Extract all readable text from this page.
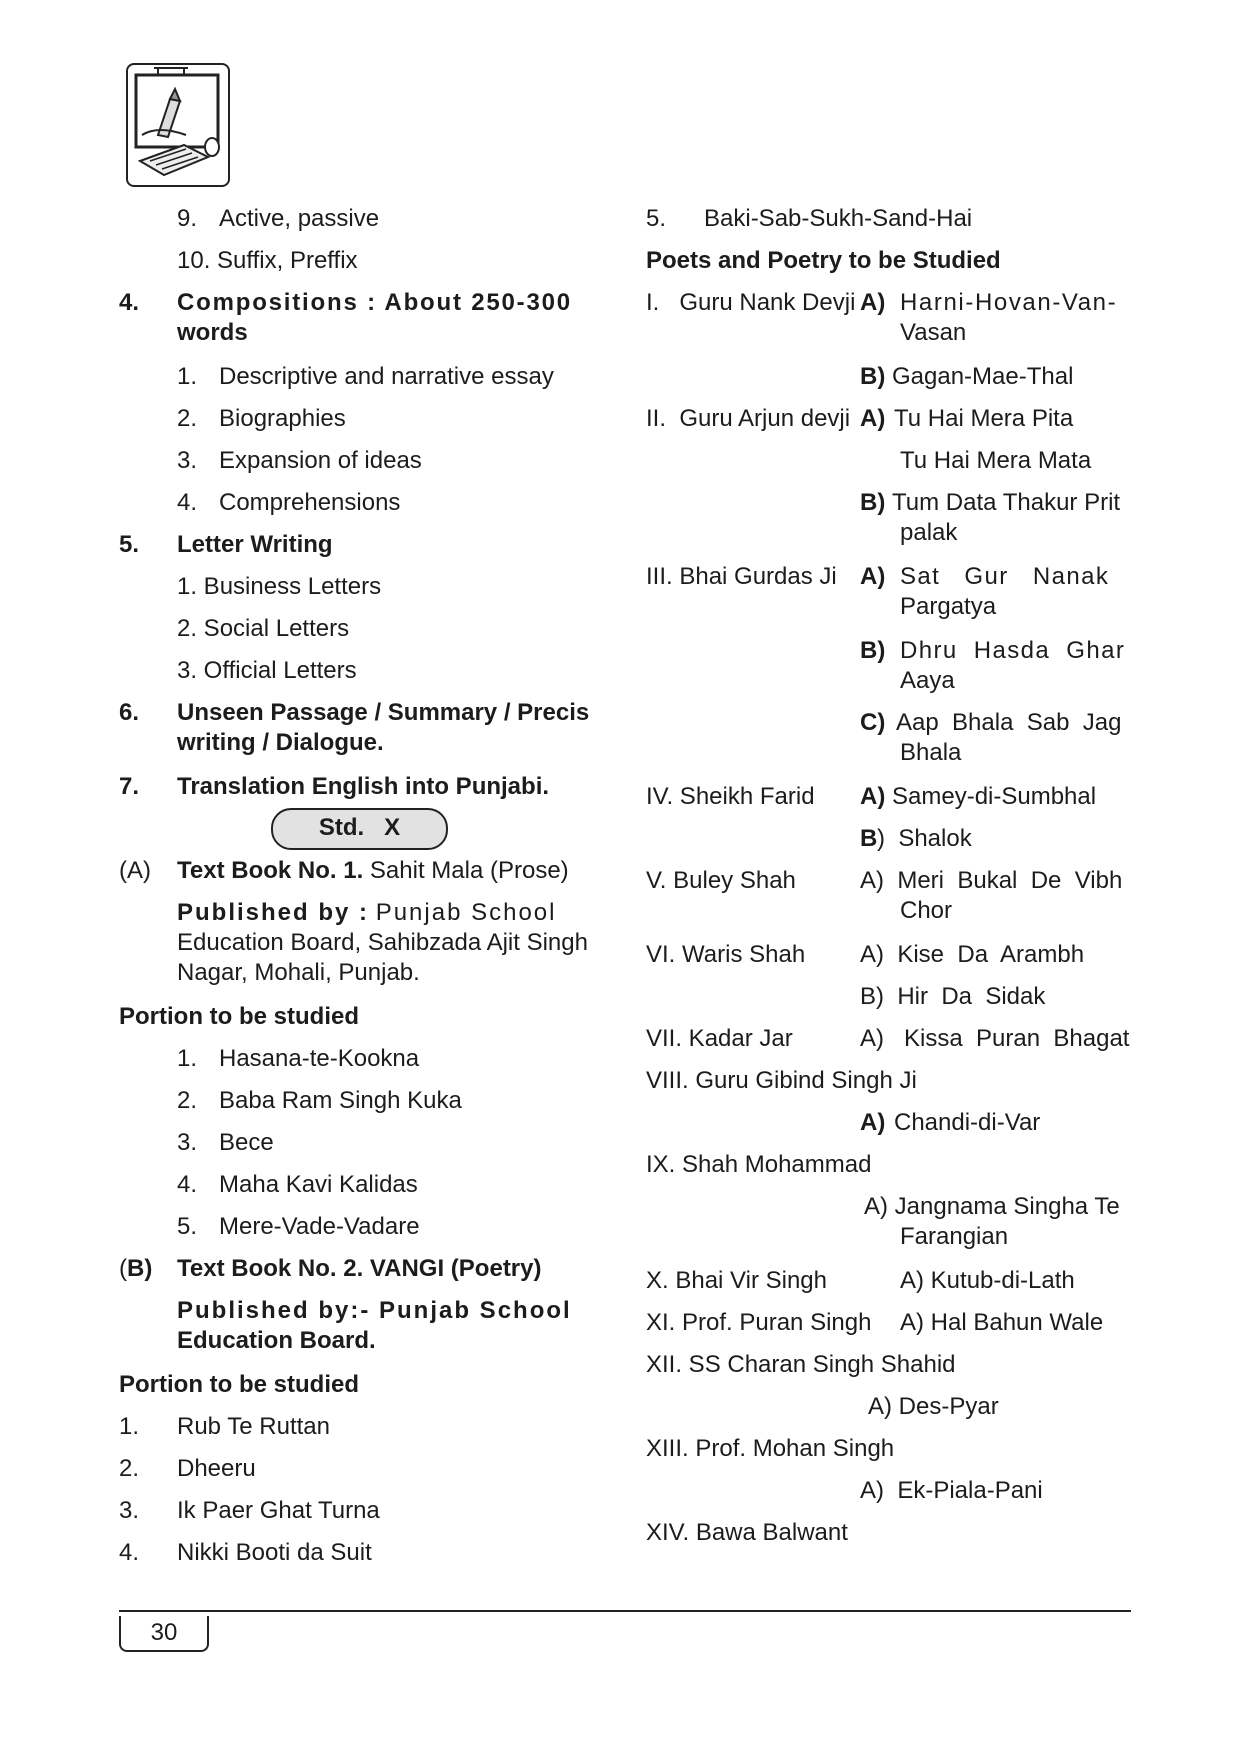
9. Active, passive
10. Suffix, Preffix
4. Compositions : About 250-300
words
1. Descriptive and narrative essay
2. Biographies
3. Expansion of ideas
4. Comprehensions
5. Letter Writing
1. Business Letters
2. Social Letters
3. Official Letters
6. Unseen Passage / Summary / Precis
writing / Dialogue.
7. Translation English into Punjabi.
Std.   X
(A) Text Book No. 1. Sahit Mala (Prose)
Published by : Punjab School
Education Board, Sahibzada Ajit Singh
Nagar, Mohali, Punjab.
Portion to be studied
1. Hasana-te-Kookna
2. Baba Ram Singh Kuka
3. Bece
4. Maha Kavi Kalidas
5. Mere-Vade-Vadare
(B) Text Book No. 2. VANGI (Poetry)
Published by:- Punjab School
Education Board.
Portion to be studied
1. Rub Te Ruttan
2. Dheeru
3. Ik Paer Ghat Turna
4. Nikki Booti da Suit
5. Baki-Sab-Sukh-Sand-Hai
Poets and Poetry to be Studied
I.   Guru Nank Devji A) Harni-Hovan-Van-
Vasan
B) Gagan-Mae-Thal
II.  Guru Arjun devji A) Tu Hai Mera Pita
Tu Hai Mera Mata
B) Tum Data Thakur Prit
palak
III. Bhai Gurdas Ji A) Sat   Gur   Nanak
Pargatya
B) Dhru  Hasda  Ghar
Aaya
C) Aap  Bhala  Sab  Jag
Bhala
IV. Sheikh Farid A) Samey-di-Sumbhal
B )  Shalok
V. Buley Shah	A)  Meri  Bukal  De  Vibh
Chor
VI. Waris Shah A)  Kise  Da  Arambh
B)  Hir  Da  Sidak
VII. Kadar Jar	A)   Kissa  Puran  Bhagat
VIII. Guru Gibind Singh Ji
A) Chandi-di-Var
IX. Shah Mohammad
A) Jangnama Singha Te
Farangian
X. Bhai Vir Singh	A) Kutub-di-Lath
XI. Prof. Puran Singh A) Hal Bahun Wale
XII. SS Charan Singh Shahid
A) Des-Pyar
XIII. Prof. Mohan Singh
A)  Ek-Piala-Pani
XIV. Bawa Balwant
30
